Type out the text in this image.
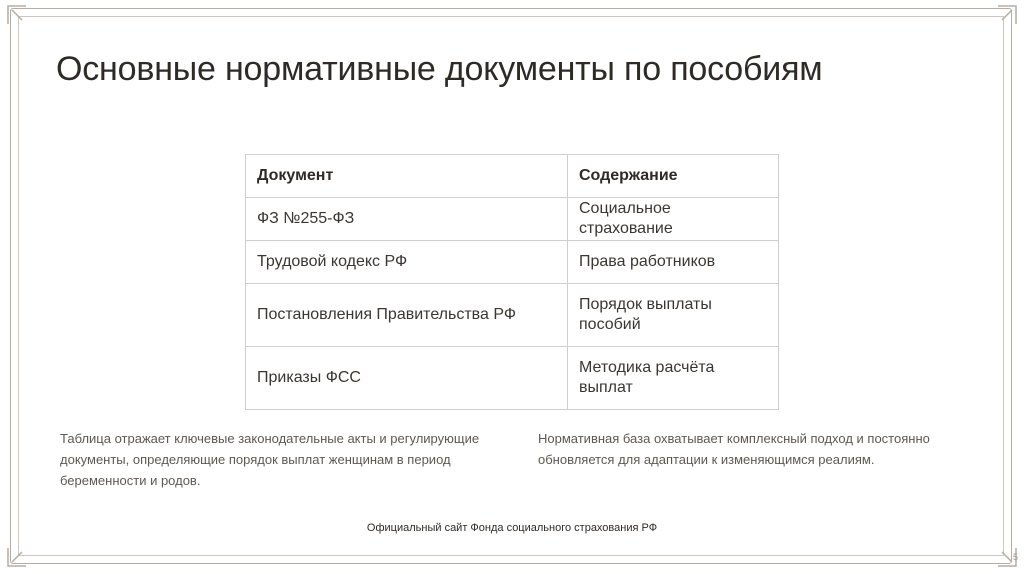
Основные нормативные документы по пособиям
Документ	Содержание
ФЗ №255-ФЗ	Социальное страхование
Трудовой кодекс РФ	Права работников
Постановления Правительства РФ	Порядок выплаты пособий
Приказы ФСС	Методика расчёта выплат

Таблица отражает ключевые законодательные акты и регулирующие документы, определяющие порядок выплат женщинам в период беременности и родов.

Нормативная база охватывает комплексный подход и постоянно обновляется для адаптации к изменяющимся реалиям.

Официальный сайт Фонда социального страхования РФ

5
